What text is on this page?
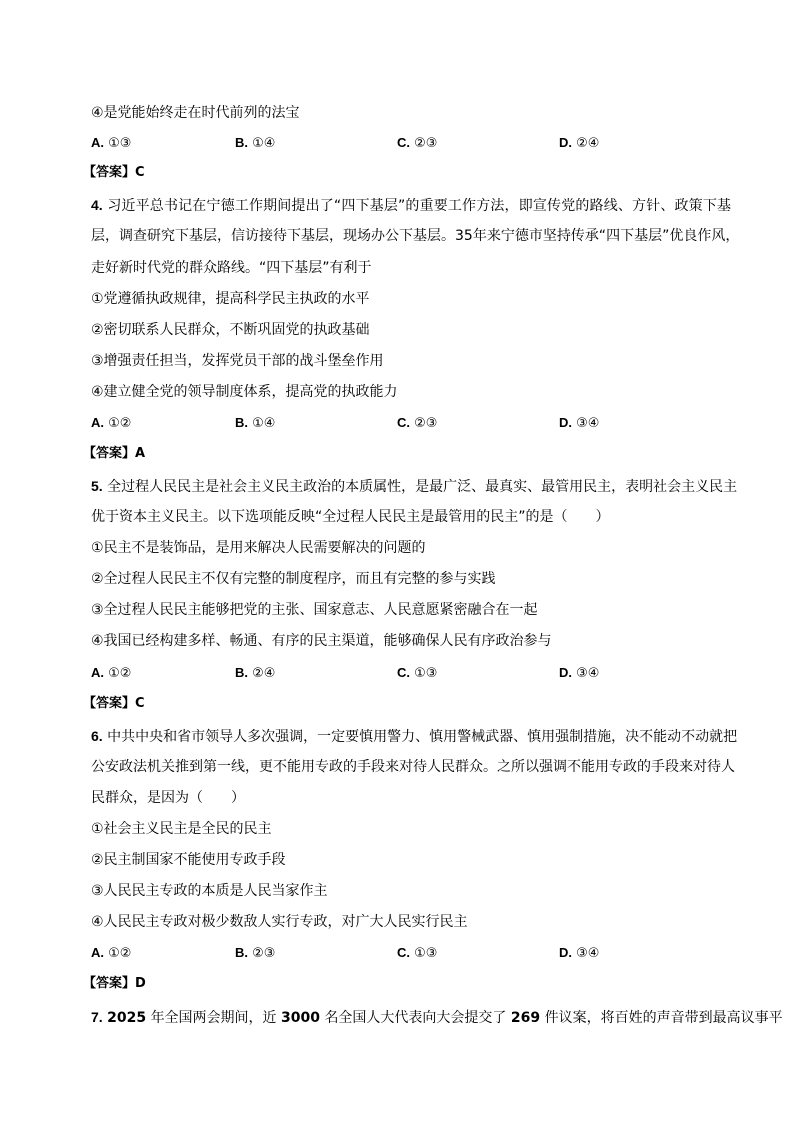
④是党能始终走在时代前列的法宝
A. ①③	B. ①④	C. ②③	D. ②④
【答案】C
4. 习近平总书记在宁德工作期间提出了“四下基层”的重要工作方法，即宣传党的路线、方针、政策下基
层，调查研究下基层，信访接待下基层，现场办公下基层。35年来宁德市坚持传承“四下基层”优良作风，
走好新时代党的群众路线。“四下基层”有利于
①党遵循执政规律，提高科学民主执政的水平
②密切联系人民群众，不断巩固党的执政基础
③增强责任担当，发挥党员干部的战斗堡垒作用
④建立健全党的领导制度体系，提高党的执政能力
A. ①②	B. ①④	C. ②③	D. ③④
【答案】A
5. 全过程人民民主是社会主义民主政治的本质属性，是最广泛、最真实、最管用民主，表明社会主义民主
优于资本主义民主。以下选项能反映“全过程人民民主是最管用的民主”的是（　　）
①民主不是装饰品，是用来解决人民需要解决的问题的
②全过程人民民主不仅有完整的制度程序，而且有完整的参与实践
③全过程人民民主能够把党的主张、国家意志、人民意愿紧密融合在一起
④我国已经构建多样、畅通、有序的民主渠道，能够确保人民有序政治参与
A. ①②	B. ②④	C. ①③	D. ③④
【答案】C
6. 中共中央和省市领导人多次强调，一定要慎用警力、慎用警械武器、慎用强制措施，决不能动不动就把
公安政法机关推到第一线，更不能用专政的手段来对待人民群众。之所以强调不能用专政的手段来对待人
民群众，是因为（　　）
①社会主义民主是全民的民主
②民主制国家不能使用专政手段
③人民民主专政的本质是人民当家作主
④人民民主专政对极少数敌人实行专政，对广大人民实行民主
A. ①②	B. ②③	C. ①③	D. ③④
【答案】D
7. 2025 年全国两会期间，近 3000 名全国人大代表向大会提交了 269 件议案，将百姓的声音带到最高议事平
